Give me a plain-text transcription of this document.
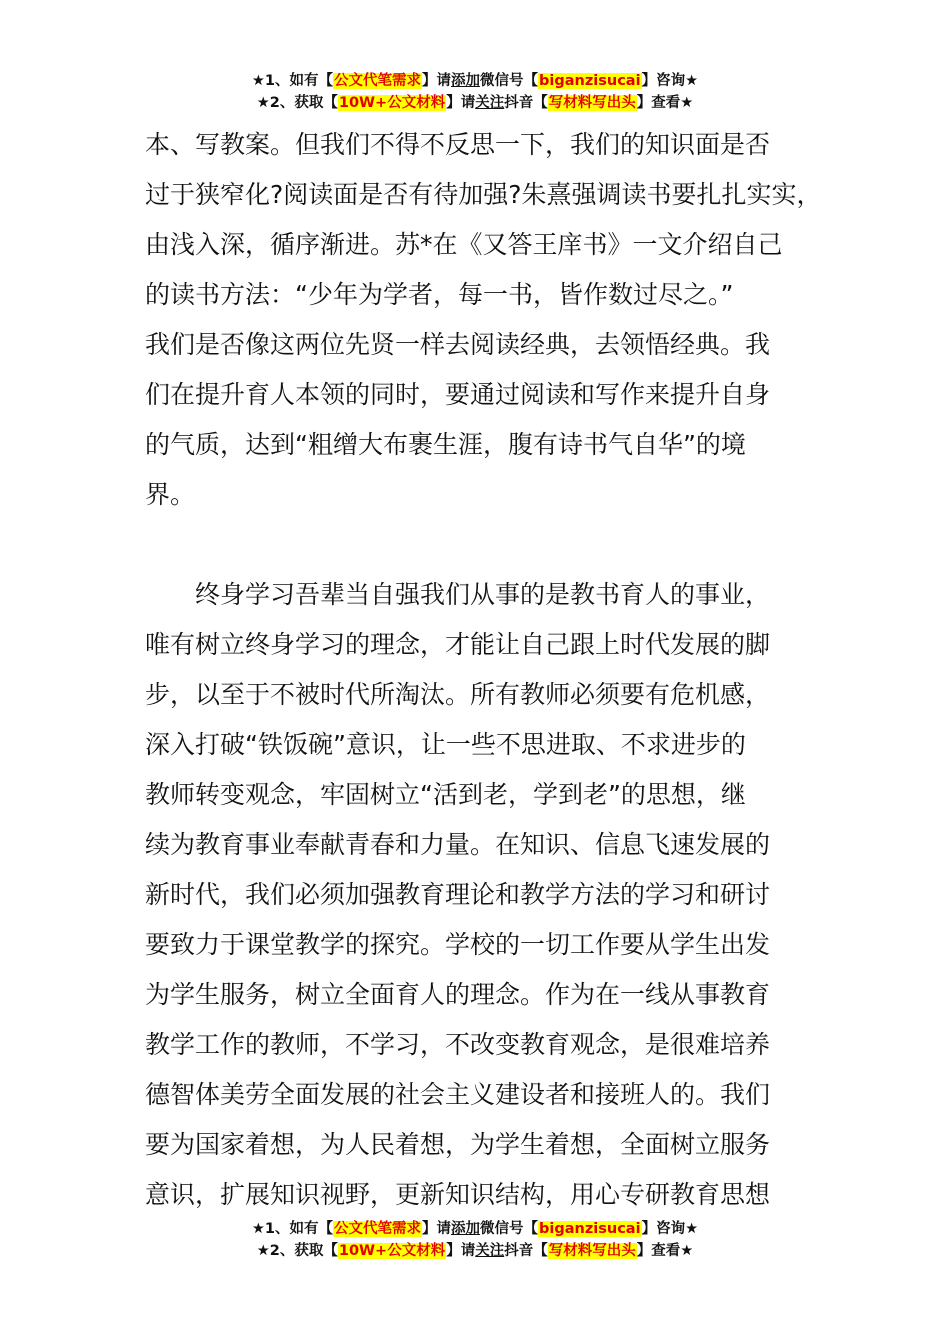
★1、如有【公文代笔需求】请添加微信号【biganzisucai】咨询★
★2、获取【10W+公文材料】请关注抖音【写材料写出头】查看★
本、写教案。但我们不得不反思一下，我们的知识面是否
过于狭窄化?阅读面是否有待加强?朱熹强调读书要扎扎实实，
由浅入深，循序渐进。苏*在《又答王庠书》一文介绍自己
的读书方法：“少年为学者，每一书，皆作数过尽之。”
我们是否像这两位先贤一样去阅读经典，去领悟经典。我
们在提升育人本领的同时，要通过阅读和写作来提升自身
的气质，达到“粗缯大布裹生涯，腹有诗书气自华”的境
界。
终身学习吾辈当自强我们从事的是教书育人的事业，
唯有树立终身学习的理念，才能让自己跟上时代发展的脚
步，以至于不被时代所淘汰。所有教师必须要有危机感，
深入打破“铁饭碗”意识，让一些不思进取、不求进步的
教师转变观念，牢固树立“活到老，学到老”的思想，继
续为教育事业奉献青春和力量。在知识、信息飞速发展的
新时代，我们必须加强教育理论和教学方法的学习和研讨
要致力于课堂教学的探究。学校的一切工作要从学生出发
为学生服务，树立全面育人的理念。作为在一线从事教育
教学工作的教师，不学习，不改变教育观念，是很难培养
德智体美劳全面发展的社会主义建设者和接班人的。我们
要为国家着想，为人民着想，为学生着想，全面树立服务
意识，扩展知识视野，更新知识结构，用心专研教育思想
★1、如有【公文代笔需求】请添加微信号【biganzisucai】咨询★
★2、获取【10W+公文材料】请关注抖音【写材料写出头】查看★
